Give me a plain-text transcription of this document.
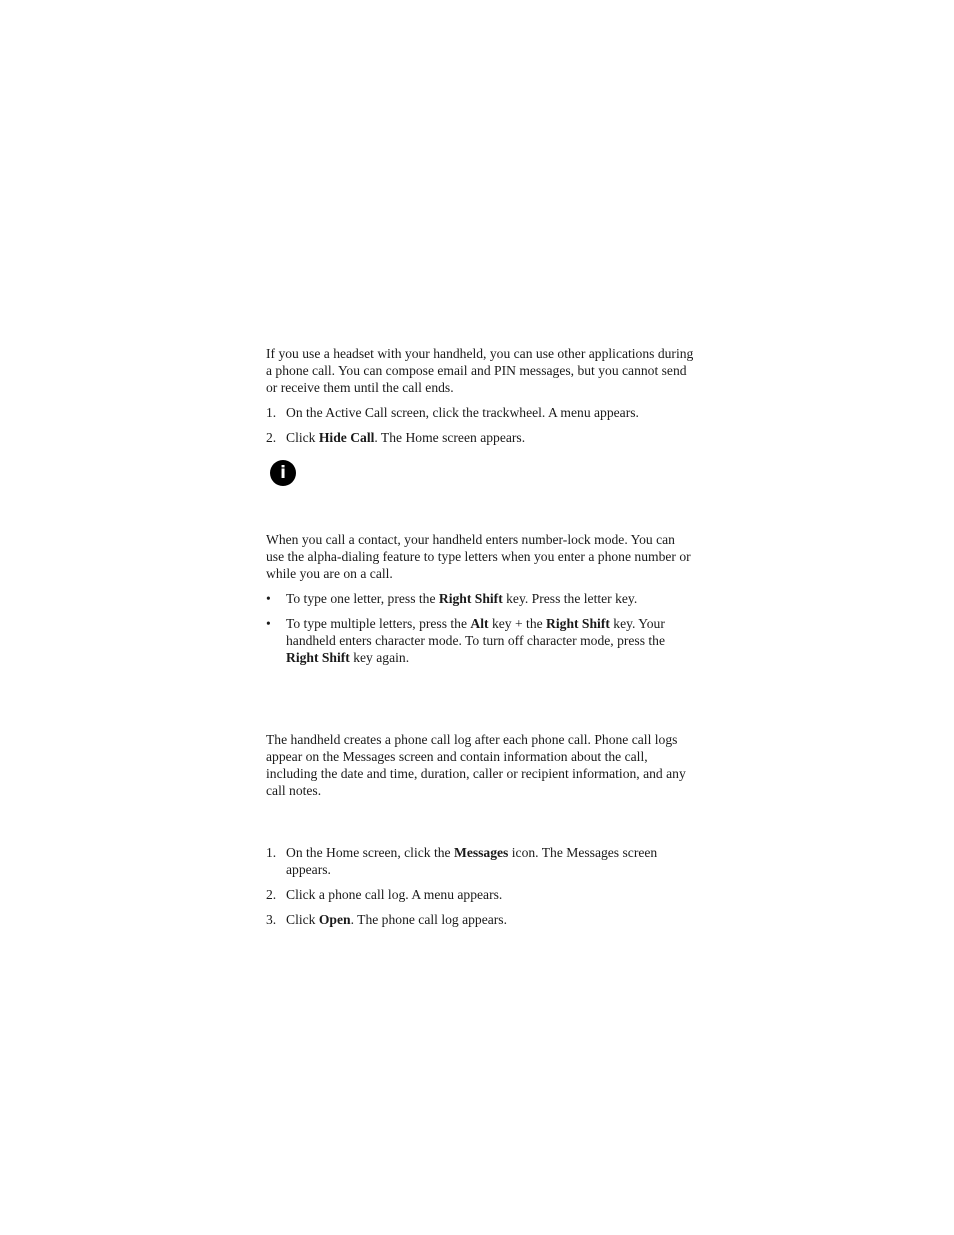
If you use a headset with your handheld, you can use other applications during a phone call. You can compose email and PIN messages, but you cannot send or receive them until the call ends.

1. On the Active Call screen, click the trackwheel. A menu appears.
2. Click Hide Call. The Home screen appears.
i

When you call a contact, your handheld enters number-lock mode. You can use the alpha-dialing feature to type letters when you enter a phone number or while you are on a call.

•	To type one letter, press the Right Shift key. Press the letter key.
•	To type multiple letters, press the Alt key + the Right Shift key. Your handheld enters character mode. To turn off character mode, press the Right Shift key again.

The handheld creates a phone call log after each phone call. Phone call logs appear on the Messages screen and contain information about the call, including the date and time, duration, caller or recipient information, and any call notes.

1. On the Home screen, click the Messages icon. The Messages screen appears.
2. Click a phone call log. A menu appears.
3. Click Open. The phone call log appears.
